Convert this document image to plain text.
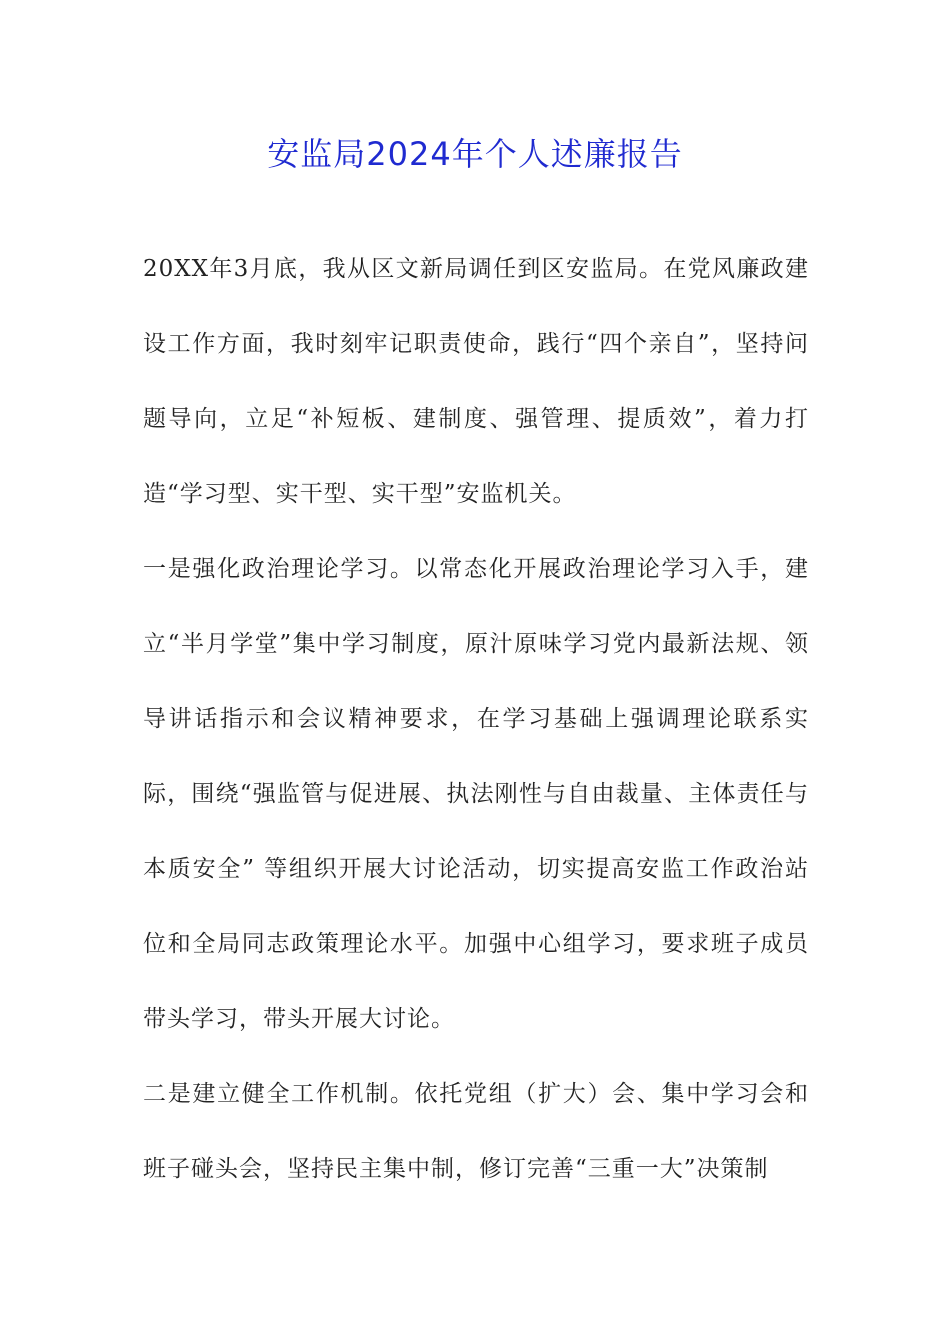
安监局2024年个人述廉报告

20XX年3月底，我从区文新局调任到区安监局。在党风廉政建设工作方面，我时刻牢记职责使命，践行“四个亲自”，坚持问题导向，立足“补短板、建制度、强管理、提质效”，着力打造“学习型、实干型、实干型”安监机关。

一是强化政治理论学习。以常态化开展政治理论学习入手，建立“半月学堂”集中学习制度，原汁原味学习党内最新法规、领导讲话指示和会议精神要求，在学习基础上强调理论联系实际，围绕“强监管与促进展、执法刚性与自由裁量、主体责任与本质安全” 等组织开展大讨论活动，切实提高安监工作政治站位和全局同志政策理论水平。加强中心组学习，要求班子成员带头学习，带头开展大讨论。

二是建立健全工作机制。依托党组（扩大）会、集中学习会和班子碰头会，坚持民主集中制，修订完善“三重一大”决策制
